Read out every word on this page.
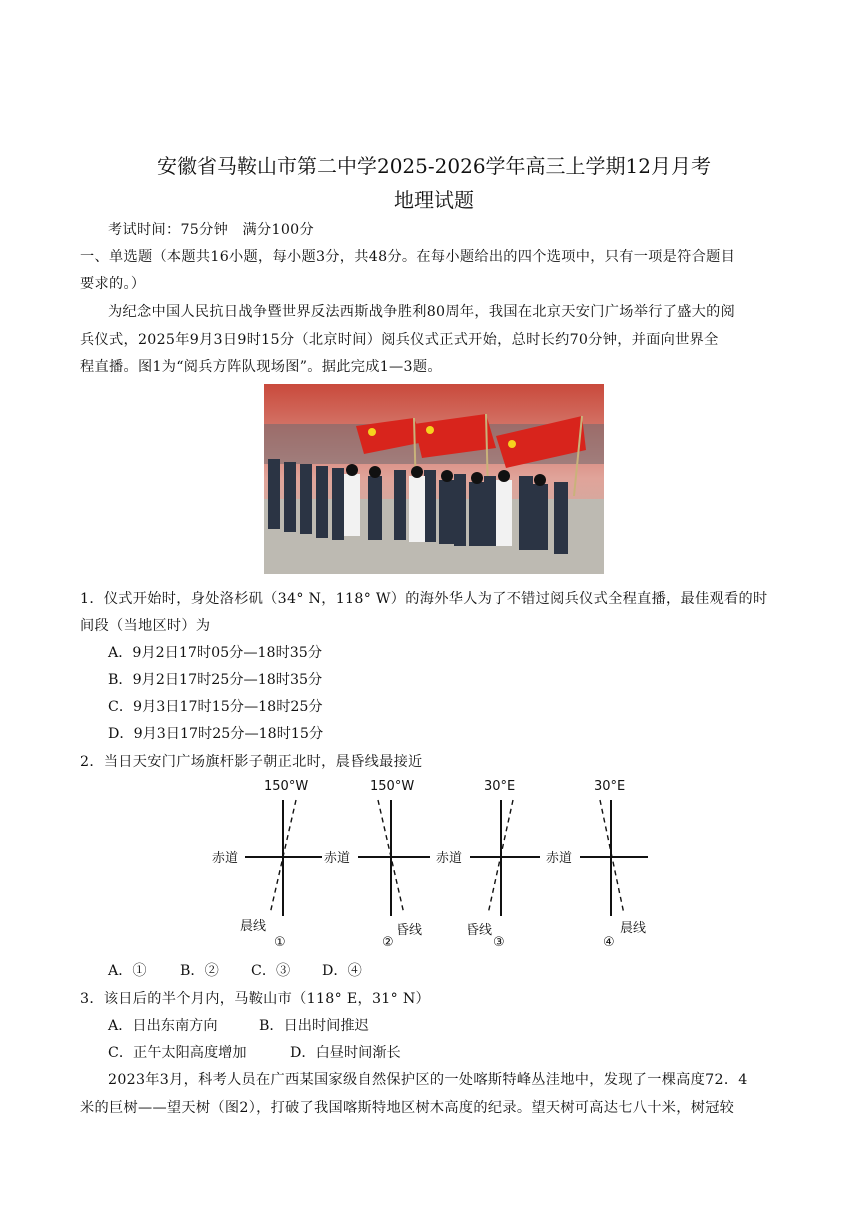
安徽省马鞍山市第二中学2025-2026学年高三上学期12月月考
地理试题
考试时间：75分钟　满分100分
一、单选题（本题共16小题，每小题3分，共48分。在每小题给出的四个选项中，只有一项是符合题目
要求的。）
为纪念中国人民抗日战争暨世界反法西斯战争胜利80周年，我国在北京天安门广场举行了盛大的阅
兵仪式，2025年9月3日9时15分（北京时间）阅兵仪式正式开始，总时长约70分钟，并面向世界全
程直播。图1为“阅兵方阵队现场图”。据此完成1—3题。
1．仪式开始时，身处洛杉矶（34° N，118° W）的海外华人为了不错过阅兵仪式全程直播，最佳观看的时
间段（当地区时）为
A．9月2日17时05分—18时35分
B．9月2日17时25分—18时35分
C．9月3日17时15分—18时25分
D．9月3日17时25分—18时15分
2．当日天安门广场旗杆影子朝正北时，晨昏线最接近
150°W
赤道
晨线
①
150°W
赤道
昏线
②
30°E
赤道
昏线
③
30°E
赤道
晨线
④
A．① B．② C．③ D．④
3．该日后的半个月内，马鞍山市（118° E，31° N）
A．日出东南方向	B．日出时间推迟
C．正午太阳高度增加	D．白昼时间渐长
2023年3月，科考人员在广西某国家级自然保护区的一处喀斯特峰丛洼地中，发现了一棵高度72．4
米的巨树——望天树（图2），打破了我国喀斯特地区树木高度的纪录。望天树可高达七八十米，树冠较
